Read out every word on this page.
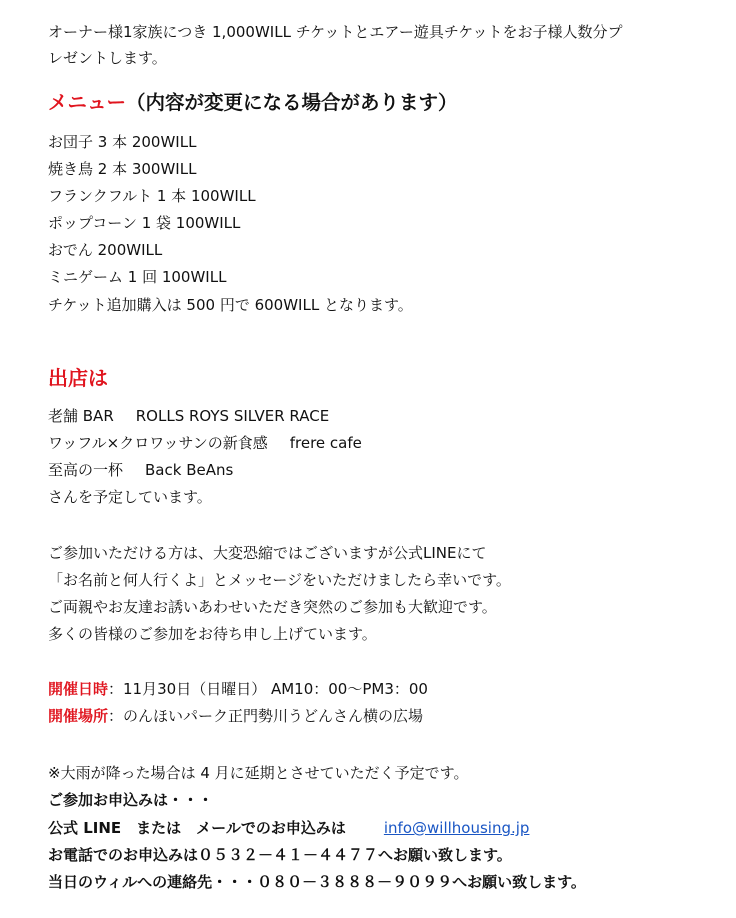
オーナー様1家族につき 1,000WILL チケットとエアー遊具チケットをお子様人数分プ
レゼントします。
メニュー（内容が変更になる場合があります）
お団子 3 本 200WILL
焼き鳥 2 本 300WILL
フランクフルト 1 本 100WILL
ポップコーン 1 袋 100WILL
おでん 200WILL
ミニゲーム 1 回 100WILL
チケット追加購入は 500 円で 600WILL となります。
出店は
老舗 BAR ROLLS ROYS SILVER RACE
ワッフル×クロワッサンの新食感 frere cafe
至高の一杯 Back BeAns
さんを予定しています。
ご参加いただける方は、大変恐縮ではございますが公式LINEにて
「お名前と何人行くよ」とメッセージをいただけましたら幸いです。
ご両親やお友達お誘いあわせいただき突然のご参加も大歓迎です。
多くの皆様のご参加をお待ち申し上げています。
開催日時：11月30日（日曜日） AM10：00～PM3：00
開催場所：のんほいパーク正門勢川うどんさん横の広場
※大雨が降った場合は 4 月に延期とさせていただく予定です。
ご参加お申込みは・・・
公式 LINE　または　メールでのお申込みは	info@willhousing.jp
お電話でのお申込みは０５３２－４１－４４７７へお願い致します。
当日のウィルへの連絡先・・・０８０－３８８８－９０９９へお願い致します。
